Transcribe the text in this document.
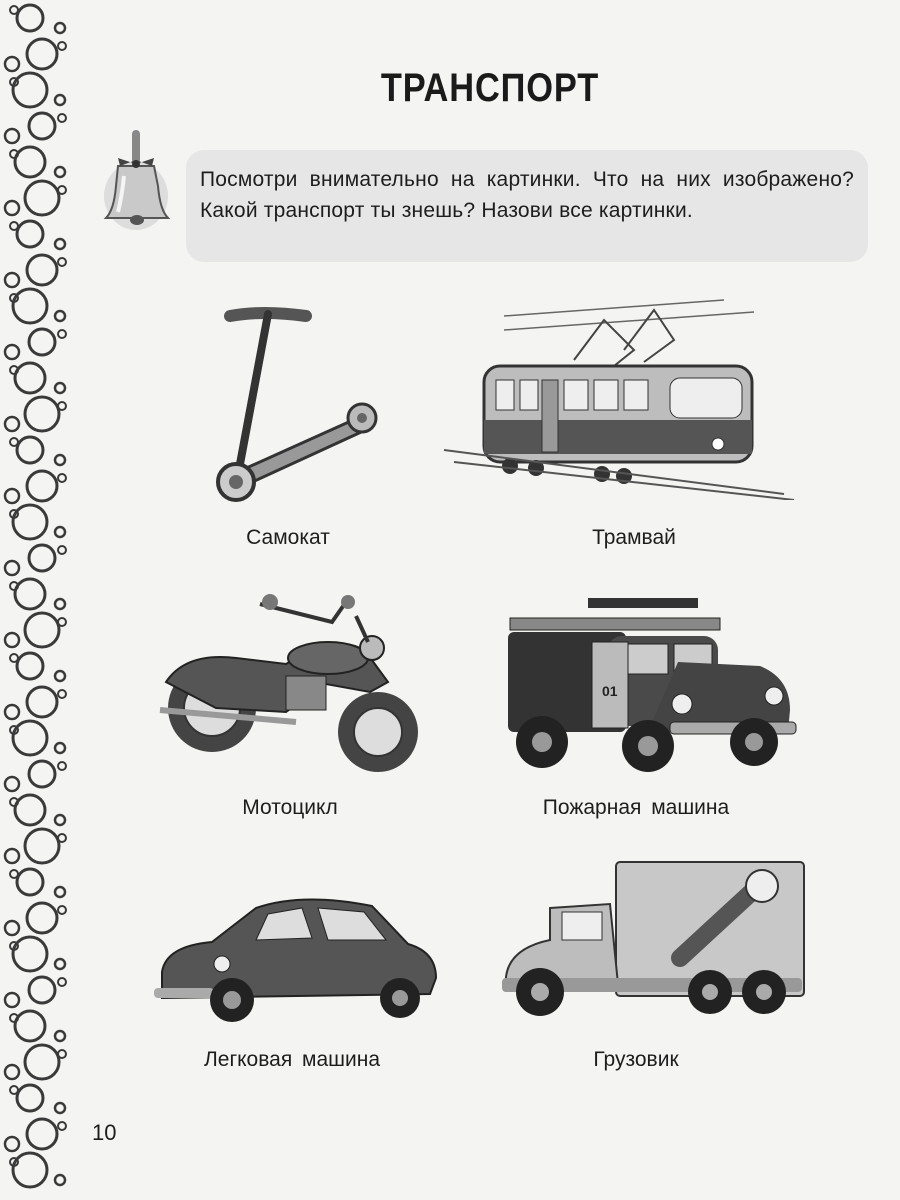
ТРАНСПОРТ

Посмотри внимательно на картинки. Что на них изображено? Какой транспорт ты знешь? Назови все картинки.

Самокат	Трамвай
Мотоцикл
01
Пожарная машина
Легковая машина	Грузовик
10
